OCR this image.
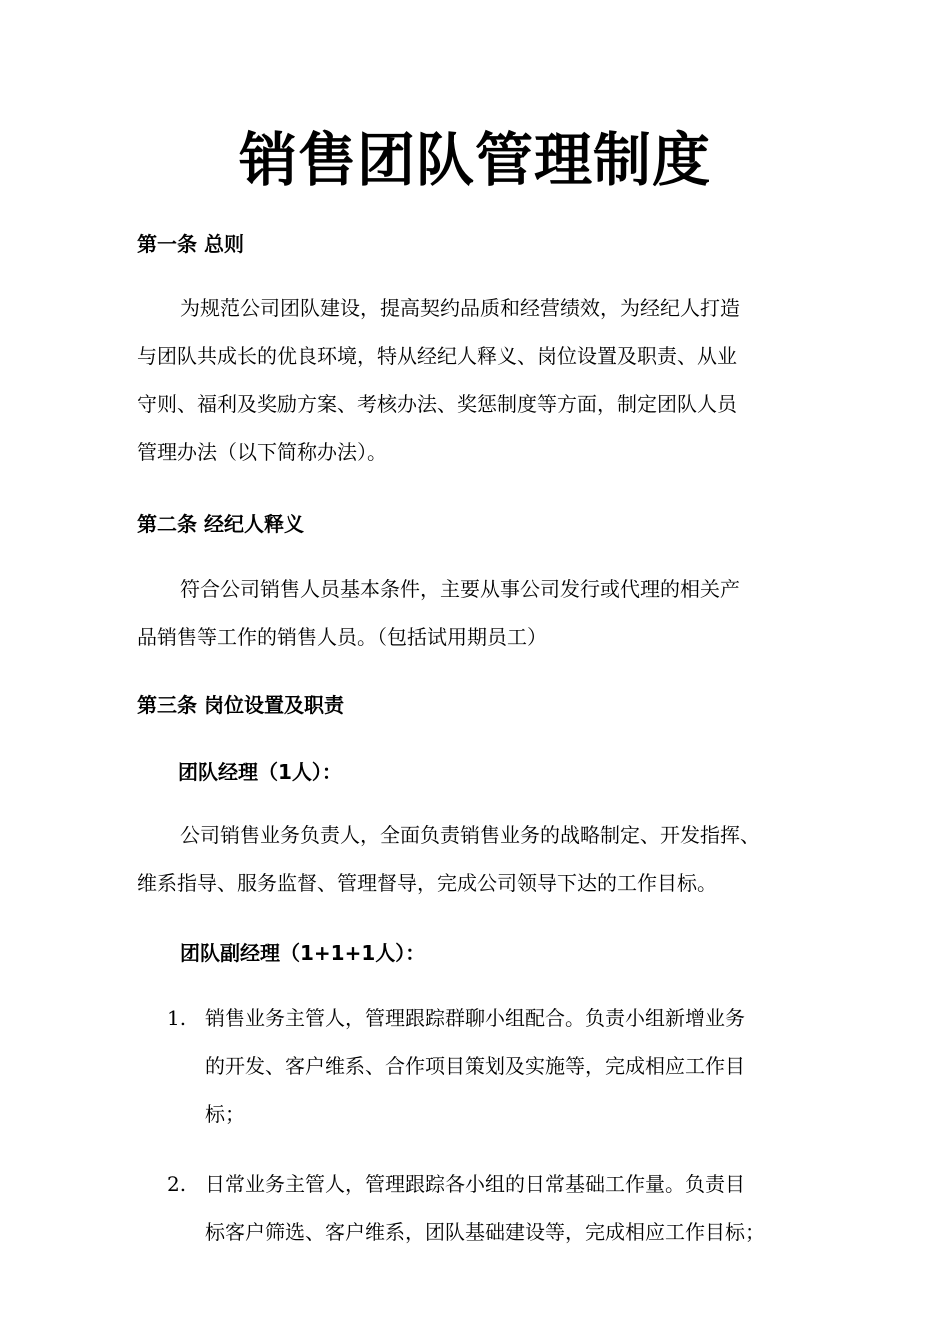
销售团队管理制度
第一条 总则
为规范公司团队建设，提高契约品质和经营绩效，为经纪人打造
与团队共成长的优良环境，特从经纪人释义、岗位设置及职责、从业
守则、福利及奖励方案、考核办法、奖惩制度等方面，制定团队人员
管理办法（以下简称办法）。
第二条 经纪人释义
符合公司销售人员基本条件，主要从事公司发行或代理的相关产
品销售等工作的销售人员。（包括试用期员工）
第三条 岗位设置及职责
团队经理（1人）：
公司销售业务负责人，全面负责销售业务的战略制定、开发指挥、
维系指导、服务监督、管理督导，完成公司领导下达的工作目标。
团队副经理（1+1+1人）：
1. 销售业务主管人，管理跟踪群聊小组配合。负责小组新增业务
的开发、客户维系、合作项目策划及实施等，完成相应工作目
标；
2. 日常业务主管人，管理跟踪各小组的日常基础工作量。负责目
标客户筛选、客户维系，团队基础建设等，完成相应工作目标；
